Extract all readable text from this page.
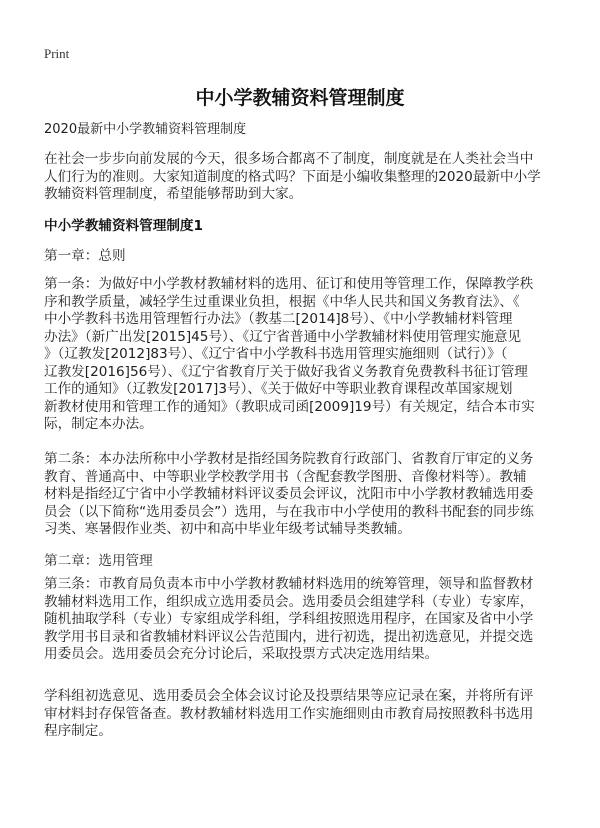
Print
中小学教辅资料管理制度
2020最新中小学教辅资料管理制度
在社会一步步向前发展的今天，很多场合都离不了制度，制度就是在人类社会当中
人们行为的准则。大家知道制度的格式吗？下面是小编收集整理的2020最新中小学
教辅资料管理制度，希望能够帮助到大家。
中小学教辅资料管理制度1
第一章：总则
第一条：为做好中小学教材教辅材料的选用、征订和使用等管理工作，保障教学秩
序和教学质量，减轻学生过重课业负担，根据《中华人民共和国义务教育法》、《
中小学教科书选用管理暂行办法》（教基二[2014]8号）、《中小学教辅材料管理
办法》（新广出发[2015]45号）、《辽宁省普通中小学教辅材料使用管理实施意见
》（辽教发[2012]83号）、《辽宁省中小学教科书选用管理实施细则（试行）》（
辽教发[2016]56号）、《辽宁省教育厅关于做好我省义务教育免费教科书征订管理
工作的通知》（辽教发[2017]3号）、《关于做好中等职业教育课程改革国家规划
新教材使用和管理工作的通知》（教职成司函[2009]19号）有关规定，结合本市实
际，制定本办法。
第二条：本办法所称中小学教材是指经国务院教育行政部门、省教育厅审定的义务
教育、普通高中、中等职业学校教学用书（含配套教学图册、音像材料等）。教辅
材料是指经辽宁省中小学教辅材料评议委员会评议，沈阳市中小学教材教辅选用委
员会（以下简称“选用委员会”）选用，与在我市中小学使用的教科书配套的同步练
习类、寒暑假作业类、初中和高中毕业年级考试辅导类教辅。
第二章：选用管理
第三条：市教育局负责本市中小学教材教辅材料选用的统筹管理，领导和监督教材
教辅材料选用工作，组织成立选用委员会。选用委员会组建学科（专业）专家库，
随机抽取学科（专业）专家组成学科组，学科组按照选用程序，在国家及省中小学
教学用书目录和省教辅材料评议公告范围内，进行初选，提出初选意见，并提交选
用委员会。选用委员会充分讨论后，采取投票方式决定选用结果。
学科组初选意见、选用委员会全体会议讨论及投票结果等应记录在案，并将所有评
审材料封存保管备查。教材教辅材料选用工作实施细则由市教育局按照教科书选用
程序制定。
